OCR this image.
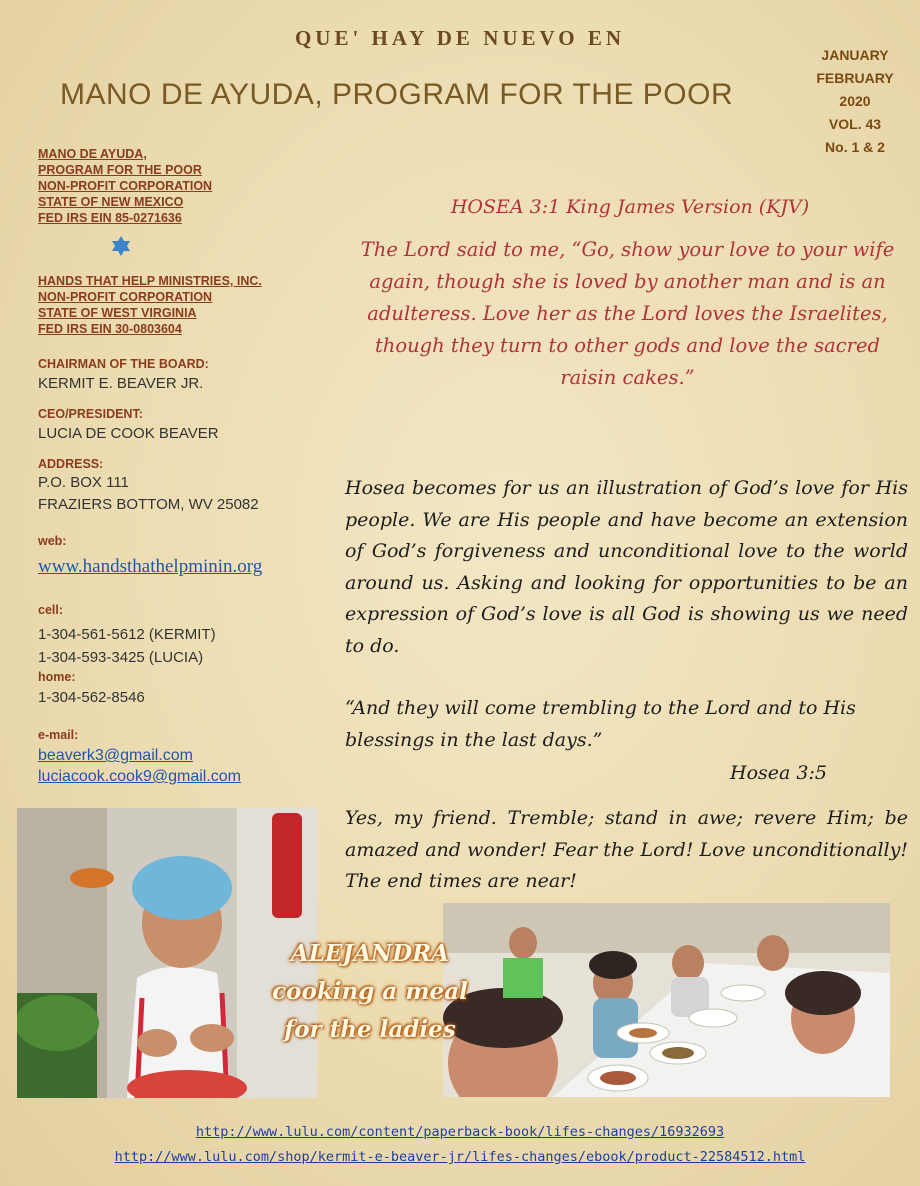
QUE' HAY DE NUEVO EN
MANO DE AYUDA, PROGRAM FOR THE POOR
JANUARY
FEBRUARY
2020
VOL. 43
No. 1 & 2
MANO DE AYUDA,
PROGRAM FOR THE POOR
NON-PROFIT CORPORATION
STATE OF NEW MEXICO
FED IRS EIN 85-0271636
HANDS THAT HELP MINISTRIES, INC.
NON-PROFIT CORPORATION
STATE OF WEST VIRGINIA
FED IRS EIN 30-0803604
CHAIRMAN OF THE BOARD:
KERMIT E. BEAVER JR.
CEO/PRESIDENT:
LUCIA DE COOK BEAVER
ADDRESS:
P.O. BOX 111
FRAZIERS BOTTOM, WV 25082
web:
www.handsthathelpminin.org
cell:
1-304-561-5612 (KERMIT)
1-304-593-3425 (LUCIA)
home:
1-304-562-8546
e-mail:
beaverk3@gmail.com
luciacook.cook9@gmail.com
HOSEA 3:1 King James Version (KJV)
The Lord said to me, “Go, show your love to your wife again, though she is loved by another man and is an adulteress. Love her as the Lord loves the Israelites, though they turn to other gods and love the sacred raisin cakes.”

Hosea becomes for us an illustration of God’s love for His people. We are His people and have become an extension of God’s forgiveness and unconditional love to the world around us. Asking and looking for opportunities to be an expression of God’s love is all God is showing us we need to do.

“And they will come trembling to the Lord and to His blessings in the last days.”
Hosea 3:5
Yes, my friend. Tremble; stand in awe; revere Him; be amazed and wonder! Fear the Lord! Love unconditionally! The end times are near!
ALEJANDRA
cooking a meal
for the ladies
http://www.lulu.com/content/paperback-book/lifes-changes/16932693
http://www.lulu.com/shop/kermit-e-beaver-jr/lifes-changes/ebook/product-22584512.html
